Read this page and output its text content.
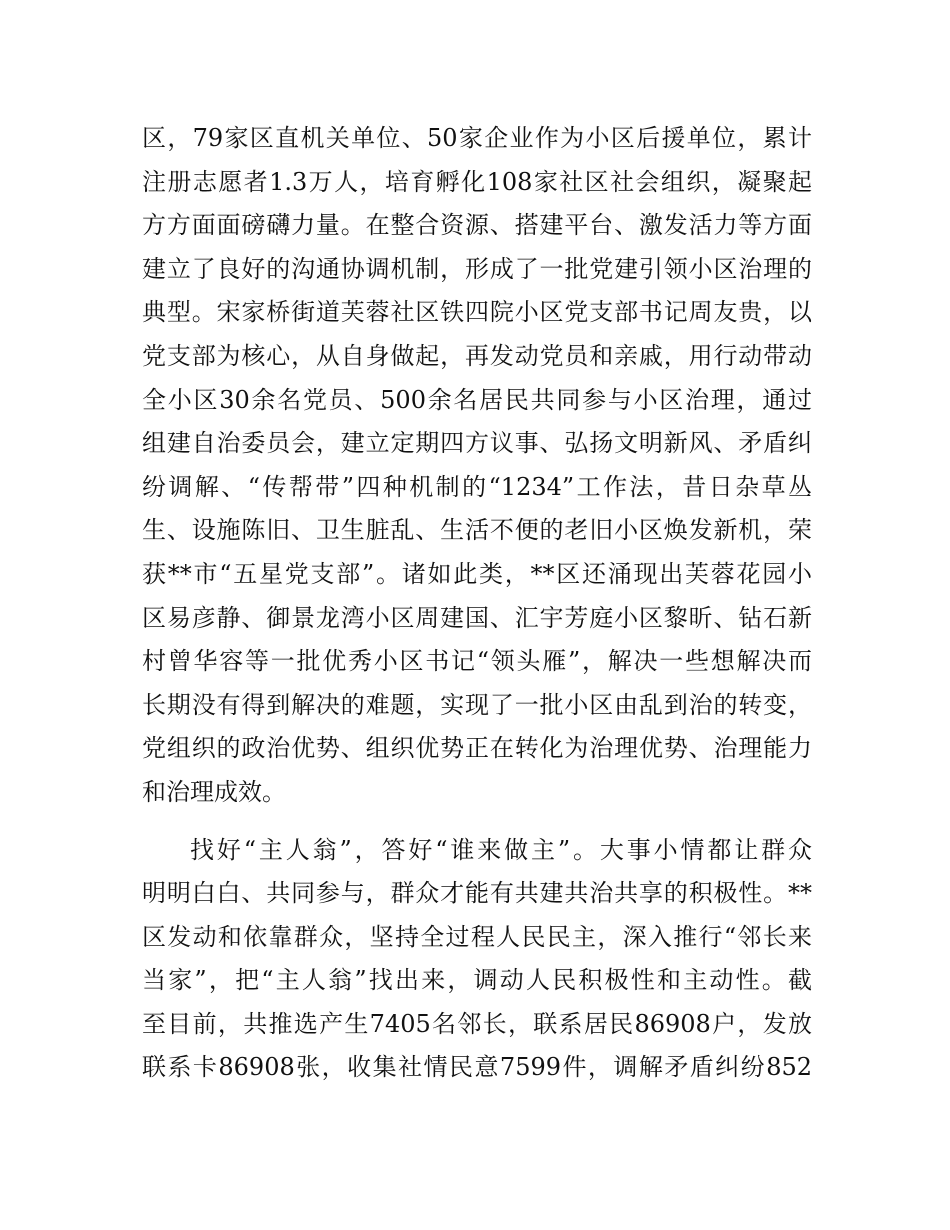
区，79家区直机关单位、50家企业作为小区后援单位，累计
注册志愿者1.3万人，培育孵化108家社区社会组织，凝聚起
方方面面磅礴力量。在整合资源、搭建平台、激发活力等方面
建立了良好的沟通协调机制，形成了一批党建引领小区治理的
典型。宋家桥街道芙蓉社区铁四院小区党支部书记周友贵，以
党支部为核心，从自身做起，再发动党员和亲戚，用行动带动
全小区30余名党员、500余名居民共同参与小区治理，通过
组建自治委员会，建立定期四方议事、弘扬文明新风、矛盾纠
纷调解、“传帮带”四种机制的“1234”工作法，昔日杂草丛
生、设施陈旧、卫生脏乱、生活不便的老旧小区焕发新机，荣
获**市“五星党支部”。诸如此类，**区还涌现出芙蓉花园小
区易彦静、御景龙湾小区周建国、汇宇芳庭小区黎昕、钻石新
村曾华容等一批优秀小区书记“领头雁”，解决一些想解决而
长期没有得到解决的难题，实现了一批小区由乱到治的转变，
党组织的政治优势、组织优势正在转化为治理优势、治理能力
和治理成效。
找好“主人翁”，答好“谁来做主”。大事小情都让群众
明明白白、共同参与，群众才能有共建共治共享的积极性。**
区发动和依靠群众，坚持全过程人民民主，深入推行“邻长来
当家”，把“主人翁”找出来，调动人民积极性和主动性。截
至目前，共推选产生7405名邻长，联系居民86908户，发放
联系卡86908张，收集社情民意7599件，调解矛盾纠纷852
